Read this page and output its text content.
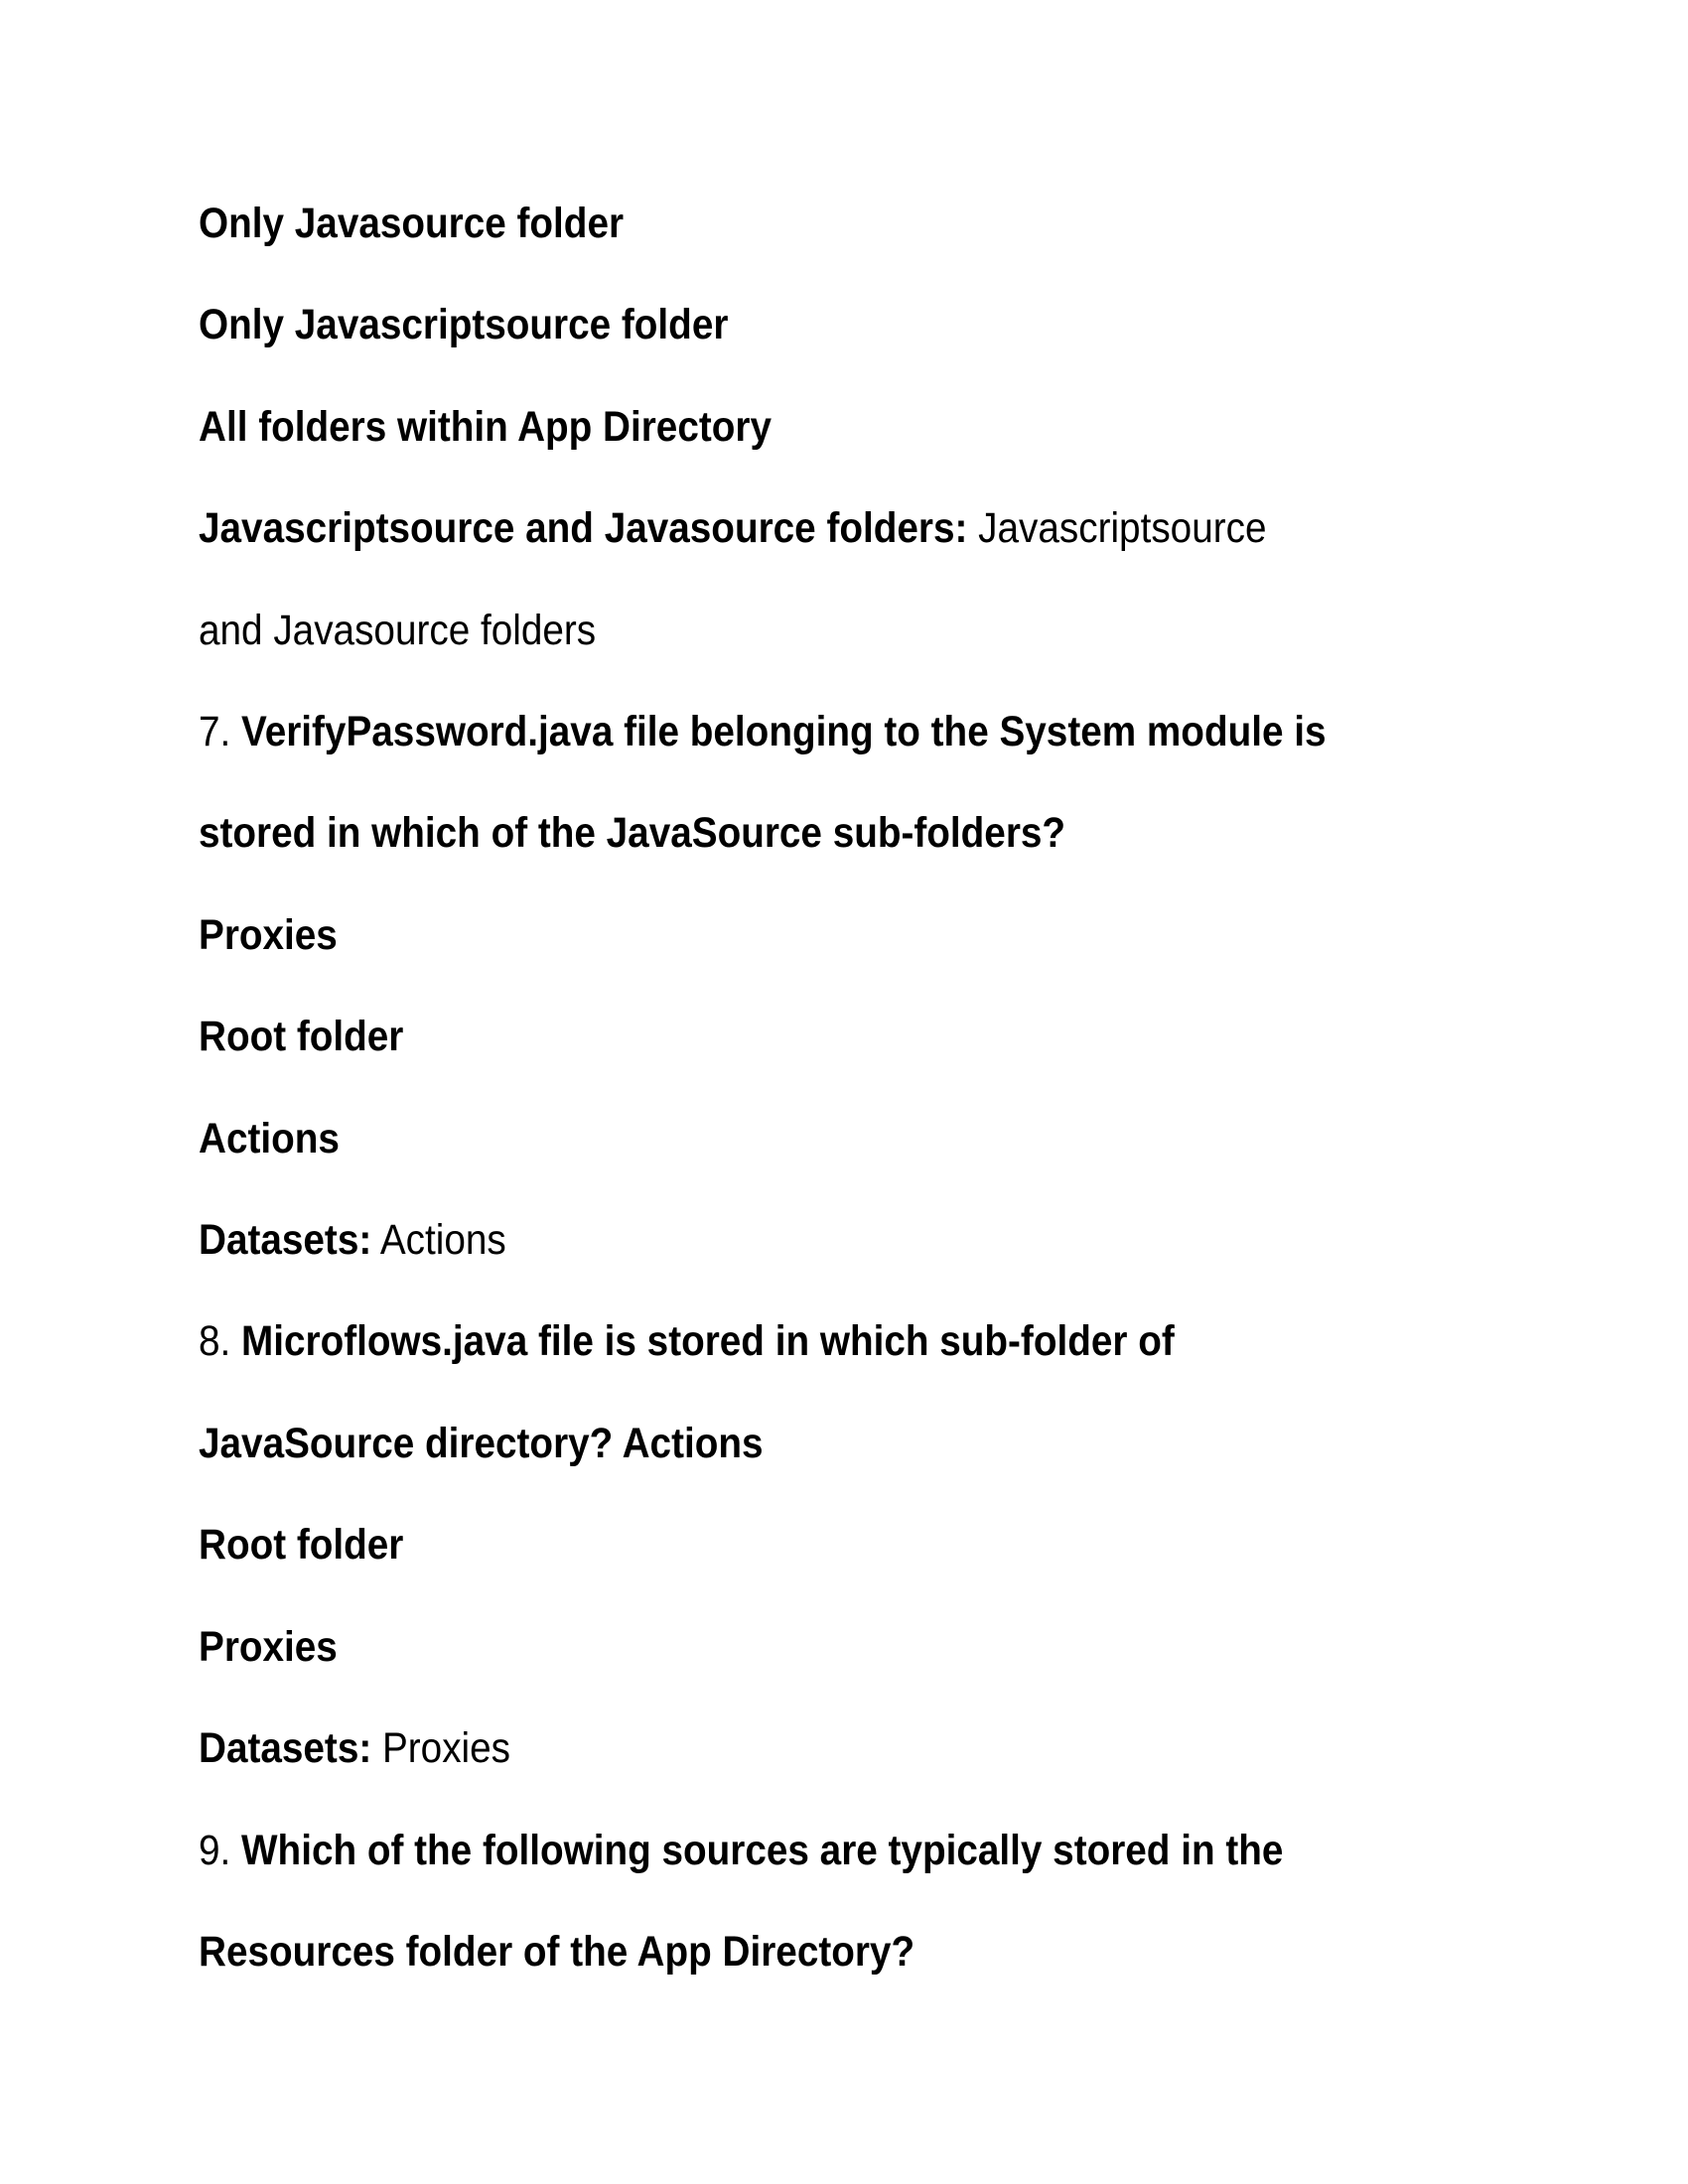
Only Javasource folder
Only Javascriptsource folder
All folders within App Directory
Javascriptsource and Javasource folders: Javascriptsource
and Javasource folders
7. VerifyPassword.java file belonging to the System module is
stored in which of the JavaSource sub-folders?
Proxies
Root folder
Actions
Datasets: Actions
8. Microflows.java file is stored in which sub-folder of
JavaSource directory? Actions
Root folder
Proxies
Datasets: Proxies
9. Which of the following sources are typically stored in the
Resources folder of the App Directory?
